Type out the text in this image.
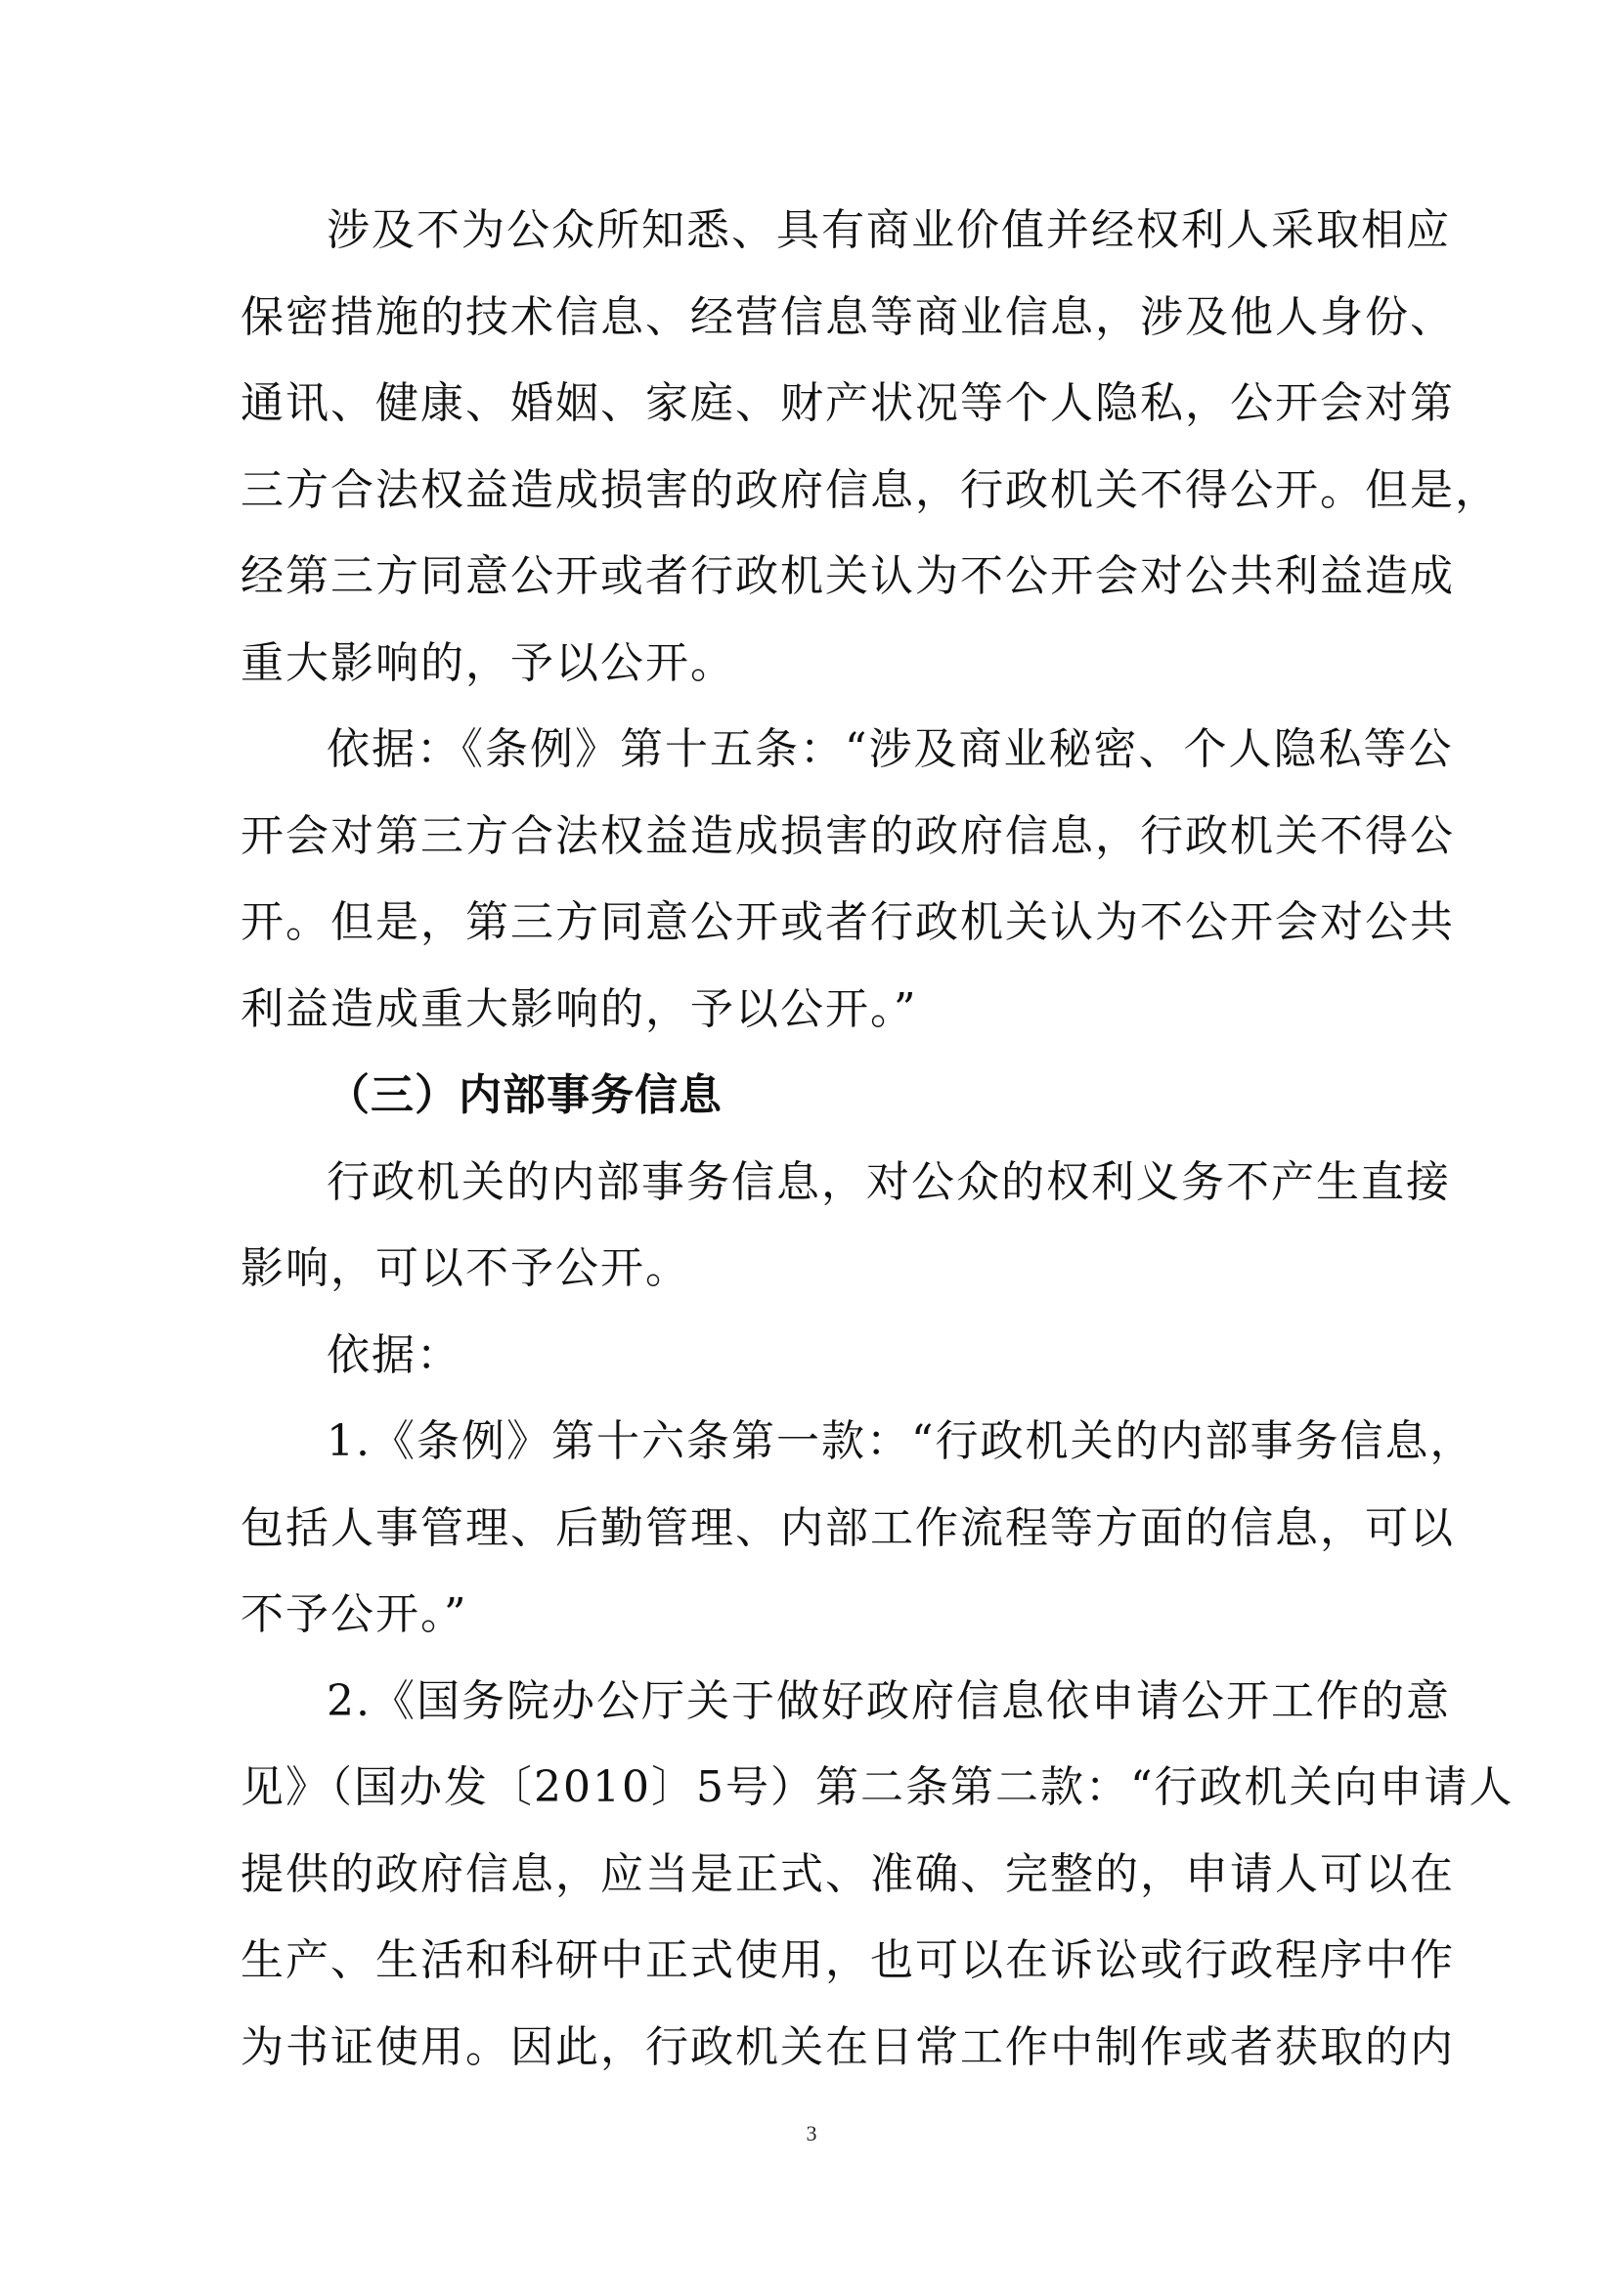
涉及不为公众所知悉、具有商业价值并经权利人采取相应
保密措施的技术信息、经营信息等商业信息，涉及他人身份、
通讯、健康、婚姻、家庭、财产状况等个人隐私，公开会对第
三方合法权益造成损害的政府信息，行政机关不得公开。但是，
经第三方同意公开或者行政机关认为不公开会对公共利益造成
重大影响的，予以公开。
依据：《条例》第十五条：“涉及商业秘密、个人隐私等公
开会对第三方合法权益造成损害的政府信息，行政机关不得公
开。但是，第三方同意公开或者行政机关认为不公开会对公共
利益造成重大影响的，予以公开。”
（三）内部事务信息
行政机关的内部事务信息，对公众的权利义务不产生直接
影响，可以不予公开。
依据：
1.《条例》第十六条第一款：“行政机关的内部事务信息，
包括人事管理、后勤管理、内部工作流程等方面的信息，可以
不予公开。”
2.《国务院办公厅关于做好政府信息依申请公开工作的意
见》（国办发〔2010〕5号）第二条第二款：“行政机关向申请人
提供的政府信息，应当是正式、准确、完整的，申请人可以在
生产、生活和科研中正式使用，也可以在诉讼或行政程序中作
为书证使用。因此，行政机关在日常工作中制作或者获取的内
3
